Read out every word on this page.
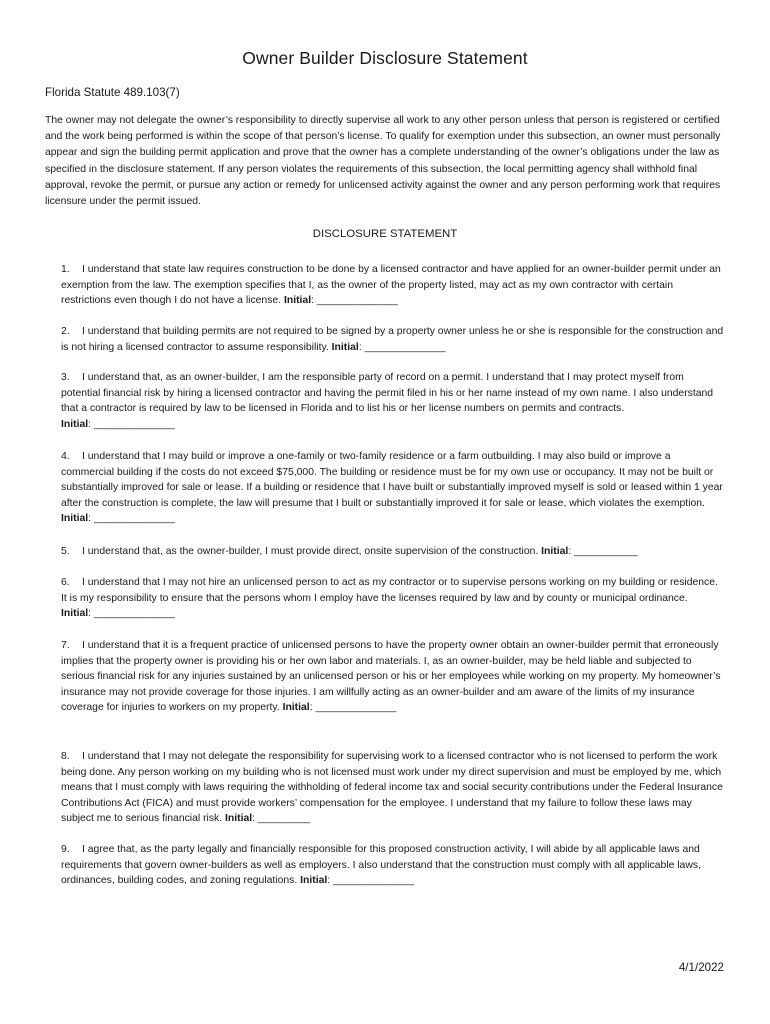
Owner Builder Disclosure Statement
Florida Statute 489.103(7)
The owner may not delegate the owner’s responsibility to directly supervise all work to any other person unless that person is registered or certified and the work being performed is within the scope of that person’s license. To qualify for exemption under this subsection, an owner must personally appear and sign the building permit application and prove that the owner has a complete understanding of the owner’s obligations under the law as specified in the disclosure statement. If any person violates the requirements of this subsection, the local permitting agency shall withhold final approval, revoke the permit, or pursue any action or remedy for unlicensed activity against the owner and any person performing work that requires licensure under the permit issued.
DISCLOSURE STATEMENT
1. I understand that state law requires construction to be done by a licensed contractor and have applied for an owner-builder permit under an exemption from the law. The exemption specifies that I, as the owner of the property listed, may act as my own contractor with certain restrictions even though I do not have a license. Initial: ______________
2. I understand that building permits are not required to be signed by a property owner unless he or she is responsible for the construction and is not hiring a licensed contractor to assume responsibility. Initial: ______________
3. I understand that, as an owner-builder, I am the responsible party of record on a permit. I understand that I may protect myself from potential financial risk by hiring a licensed contractor and having the permit filed in his or her name instead of my own name. I also understand that a contractor is required by law to be licensed in Florida and to list his or her license numbers on permits and contracts. Initial: ______________
4. I understand that I may build or improve a one-family or two-family residence or a farm outbuilding. I may also build or improve a commercial building if the costs do not exceed $75,000. The building or residence must be for my own use or occupancy. It may not be built or substantially improved for sale or lease. If a building or residence that I have built or substantially improved myself is sold or leased within 1 year after the construction is complete, the law will presume that I built or substantially improved it for sale or lease, which violates the exemption. Initial: ______________
5. I understand that, as the owner-builder, I must provide direct, onsite supervision of the construction. Initial: ___________
6. I understand that I may not hire an unlicensed person to act as my contractor or to supervise persons working on my building or residence. It is my responsibility to ensure that the persons whom I employ have the licenses required by law and by county or municipal ordinance. Initial: ______________
7. I understand that it is a frequent practice of unlicensed persons to have the property owner obtain an owner-builder permit that erroneously implies that the property owner is providing his or her own labor and materials. I, as an owner-builder, may be held liable and subjected to serious financial risk for any injuries sustained by an unlicensed person or his or her employees while working on my property. My homeowner’s insurance may not provide coverage for those injuries. I am willfully acting as an owner-builder and am aware of the limits of my insurance coverage for injuries to workers on my property. Initial: ______________
8. I understand that I may not delegate the responsibility for supervising work to a licensed contractor who is not licensed to perform the work being done. Any person working on my building who is not licensed must work under my direct supervision and must be employed by me, which means that I must comply with laws requiring the withholding of federal income tax and social security contributions under the Federal Insurance Contributions Act (FICA) and must provide workers’ compensation for the employee. I understand that my failure to follow these laws may subject me to serious financial risk. Initial: _________
9. I agree that, as the party legally and financially responsible for this proposed construction activity, I will abide by all applicable laws and requirements that govern owner-builders as well as employers. I also understand that the construction must comply with all applicable laws, ordinances, building codes, and zoning regulations. Initial: ______________
4/1/2022
